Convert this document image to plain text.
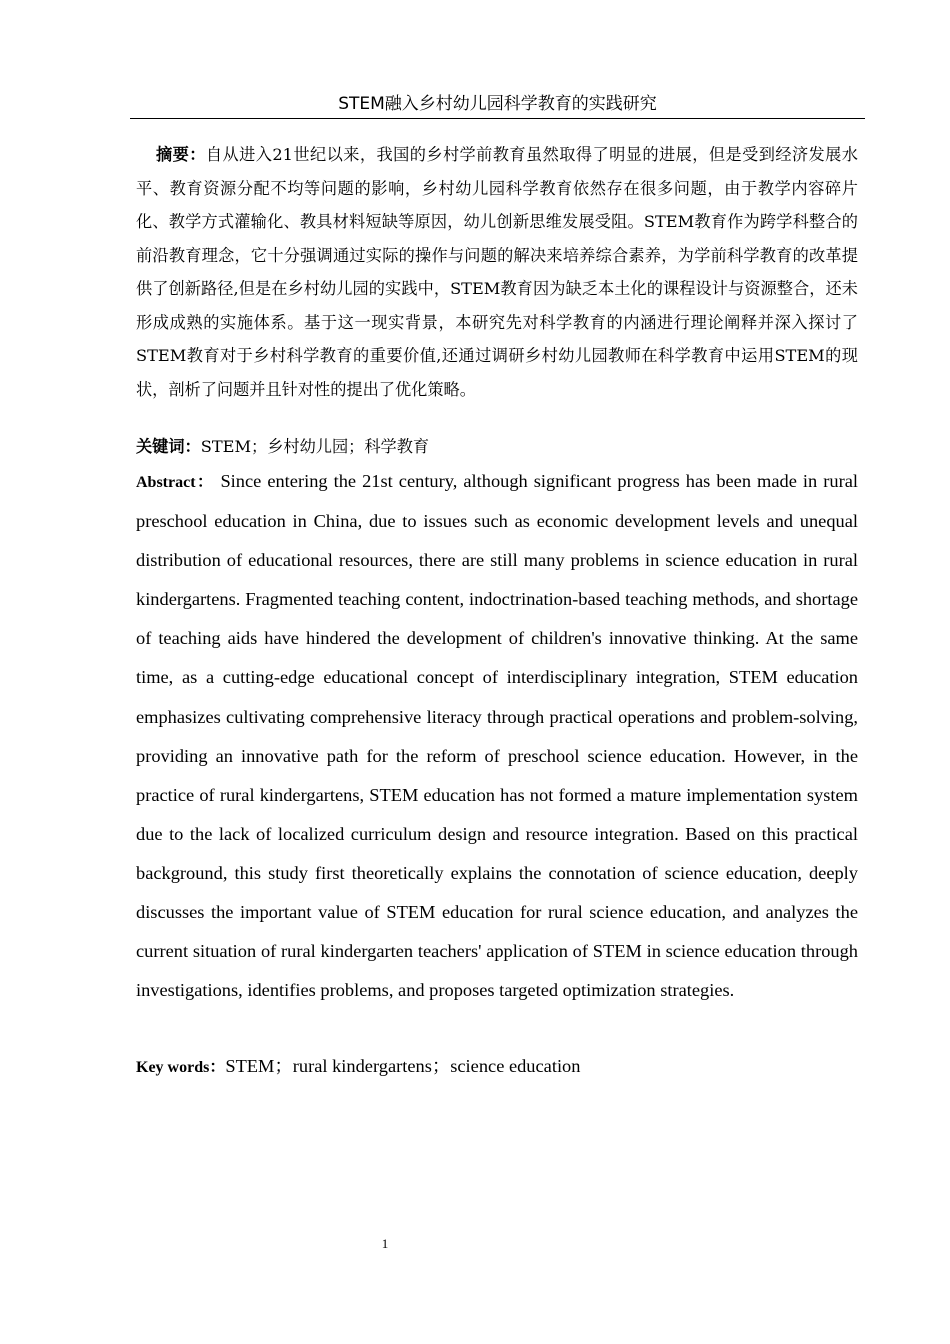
STEM融入乡村幼儿园科学教育的实践研究

摘要：自从进入21世纪以来，我国的乡村学前教育虽然取得了明显的进展，但是受到经济发展水平、教育资源分配不均等问题的影响，乡村幼儿园科学教育依然存在很多问题，由于教学内容碎片化、教学方式灌输化、教具材料短缺等原因，幼儿创新思维发展受阻。STEM教育作为跨学科整合的前沿教育理念，它十分强调通过实际的操作与问题的解决来培养综合素养，为学前科学教育的改革提供了创新路径,但是在乡村幼儿园的实践中，STEM教育因为缺乏本土化的课程设计与资源整合，还未形成成熟的实施体系。基于这一现实背景，本研究先对科学教育的内涵进行理论阐释并深入探讨了STEM教育对于乡村科学教育的重要价值,还通过调研乡村幼儿园教师在科学教育中运用STEM的现状，剖析了问题并且针对性的提出了优化策略。

关键词：STEM；乡村幼儿园；科学教育

Abstract： Since entering the 21st century, although significant progress has been made in rural preschool education in China, due to issues such as economic development levels and unequal distribution of educational resources, there are still many problems in science education in rural kindergartens. Fragmented teaching content, indoctrination-based teaching methods, and shortage of teaching aids have hindered the development of children's innovative thinking. At the same time, as a cutting-edge educational concept of interdisciplinary integration, STEM education emphasizes cultivating comprehensive literacy through practical operations and problem-solving, providing an innovative path for the reform of preschool science education. However, in the practice of rural kindergartens, STEM education has not formed a mature implementation system due to the lack of localized curriculum design and resource integration. Based on this practical background, this study first theoretically explains the connotation of science education, deeply discusses the important value of STEM education for rural science education, and analyzes the current situation of rural kindergarten teachers' application of STEM in science education through investigations, identifies problems, and proposes targeted optimization strategies.

Key words：STEM；rural kindergartens；science education

1
